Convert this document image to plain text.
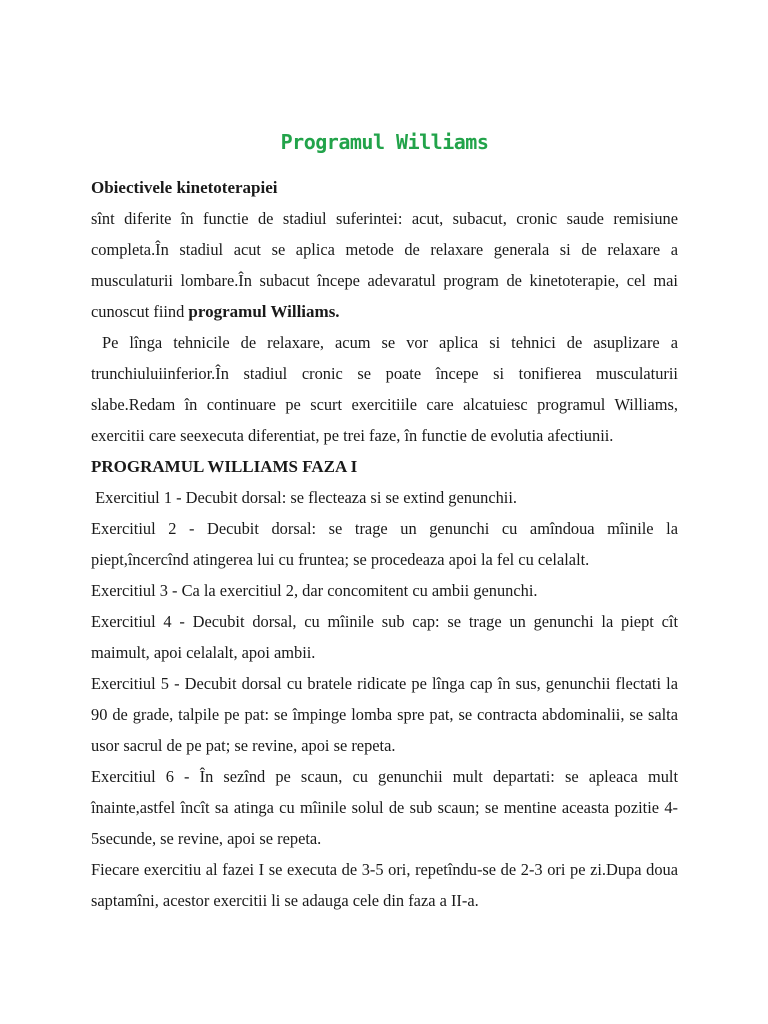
Programul Williams
Obiectivele kinetoterapiei

sînt diferite în functie de stadiul suferintei: acut, subacut, cronic saude remisiune completa.În stadiul acut se aplica metode de relaxare generala si de relaxare a musculaturii lombare.În subacut începe adevaratul program de kinetoterapie, cel mai cunoscut fiind programul Williams.

Pe lînga tehnicile de relaxare, acum se vor aplica si tehnici de asuplizare a trunchiuluiinferior.În stadiul cronic se poate începe si tonifierea musculaturii slabe.Redam în continuare pe scurt exercitiile care alcatuiesc programul Williams, exercitii care seexecuta diferentiat, pe trei faze, în functie de evolutia afectiunii.

PROGRAMUL WILLIAMS FAZA I

Exercitiul 1 - Decubit dorsal: se flecteaza si se extind genunchii.

Exercitiul 2 - Decubit dorsal: se trage un genunchi cu amîndoua mîinile la piept,încercînd atingerea lui cu fruntea; se procedeaza apoi la fel cu celalalt.

Exercitiul 3 - Ca la exercitiul 2, dar concomitent cu ambii genunchi.

Exercitiul 4 - Decubit dorsal, cu mîinile sub cap: se trage un genunchi la piept cît maimult, apoi celalalt, apoi ambii.

Exercitiul 5 - Decubit dorsal cu bratele ridicate pe lînga cap în sus, genunchii flectati la 90 de grade, talpile pe pat: se împinge lomba spre pat, se contracta abdominalii, se salta usor sacrul de pe pat; se revine, apoi se repeta.

Exercitiul 6 - În sezînd pe scaun, cu genunchii mult departati: se apleaca mult înainte,astfel încît sa atinga cu mîinile solul de sub scaun; se mentine aceasta pozitie 4-5secunde, se revine, apoi se repeta.

Fiecare exercitiu al fazei I se executa de 3-5 ori, repetîndu-se de 2-3 ori pe zi.Dupa doua saptamîni, acestor exercitii li se adauga cele din faza a II-a.
